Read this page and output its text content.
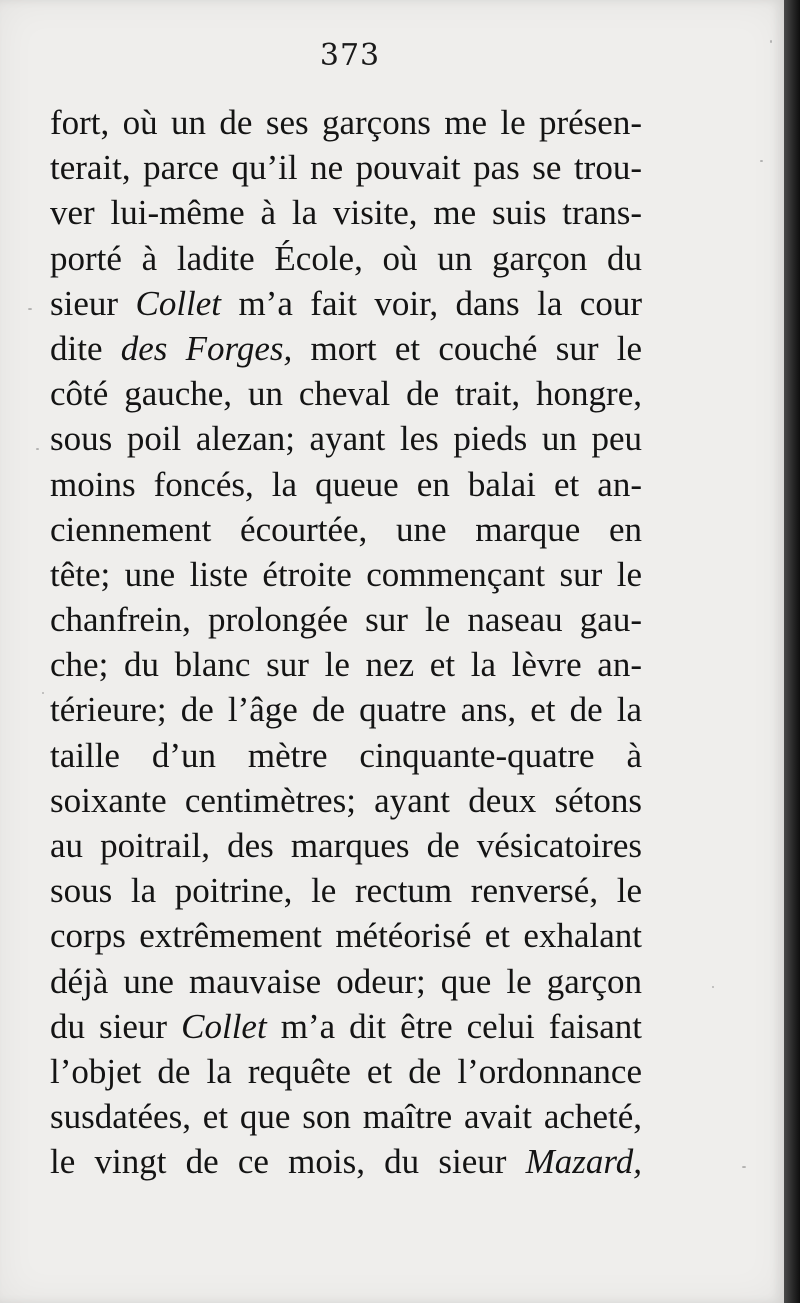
373
fort, où un de ses garçons me le présen-
terait, parce qu’il ne pouvait pas se trou-
ver lui-même à la visite, me suis trans-
porté à ladite École, où un garçon du
sieur Collet m’a fait voir, dans la cour
dite des Forges, mort et couché sur le
côté gauche, un cheval de trait, hongre,
sous poil alezan; ayant les pieds un peu
moins foncés, la queue en balai et an-
ciennement écourtée, une marque en
tête; une liste étroite commençant sur le
chanfrein, prolongée sur le naseau gau-
che; du blanc sur le nez et la lèvre an-
térieure; de l’âge de quatre ans, et de la
taille d’un mètre cinquante-quatre à
soixante centimètres; ayant deux sétons
au poitrail, des marques de vésicatoires
sous la poitrine, le rectum renversé, le
corps extrêmement météorisé et exhalant
déjà une mauvaise odeur; que le garçon
du sieur Collet m’a dit être celui faisant
l’objet de la requête et de l’ordonnance
susdatées, et que son maître avait acheté,
le vingt de ce mois, du sieur Mazard,
